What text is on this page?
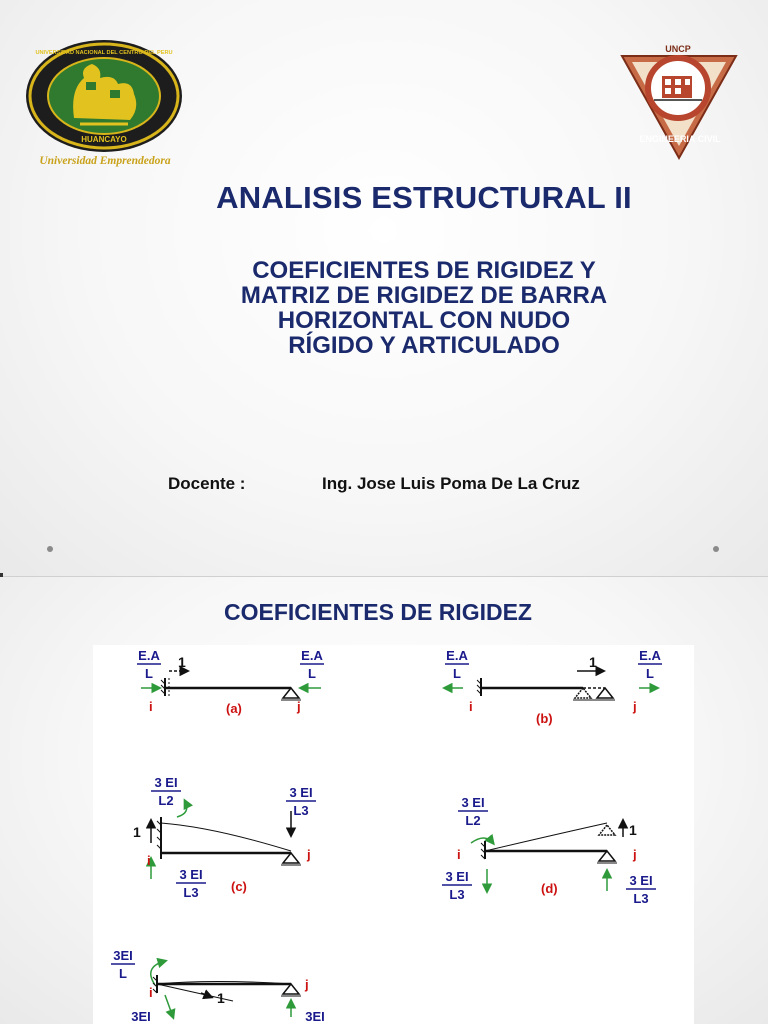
HUANCAYO
UNIVERSIDAD NACIONAL DEL CENTRO DEL PERU
Universidad Emprendedora
UNCP
ENGINEERIA CIVIL
ANALISIS ESTRUCTURAL II
COEFICIENTES DE RIGIDEZ Y
MATRIZ DE RIGIDEZ DE BARRA
HORIZONTAL CON NUDO
RÍGIDO Y ARTICULADO
Docente :	Ing. Jose Luis Poma De La Cruz
COEFICIENTES DE RIGIDEZ
E.A
L
1	E.A
L
i	(a)	j
E.A
L
1	E.A
L
i
(b)
j
3 EI
L2
1
3 EI
L3
3 EI
L3
i
(c)
j
3 EI
L2
1
i	j
3 EI
L3
3 EI
L3
(d)
3EI
L
1
i
j
3EI	3EI
